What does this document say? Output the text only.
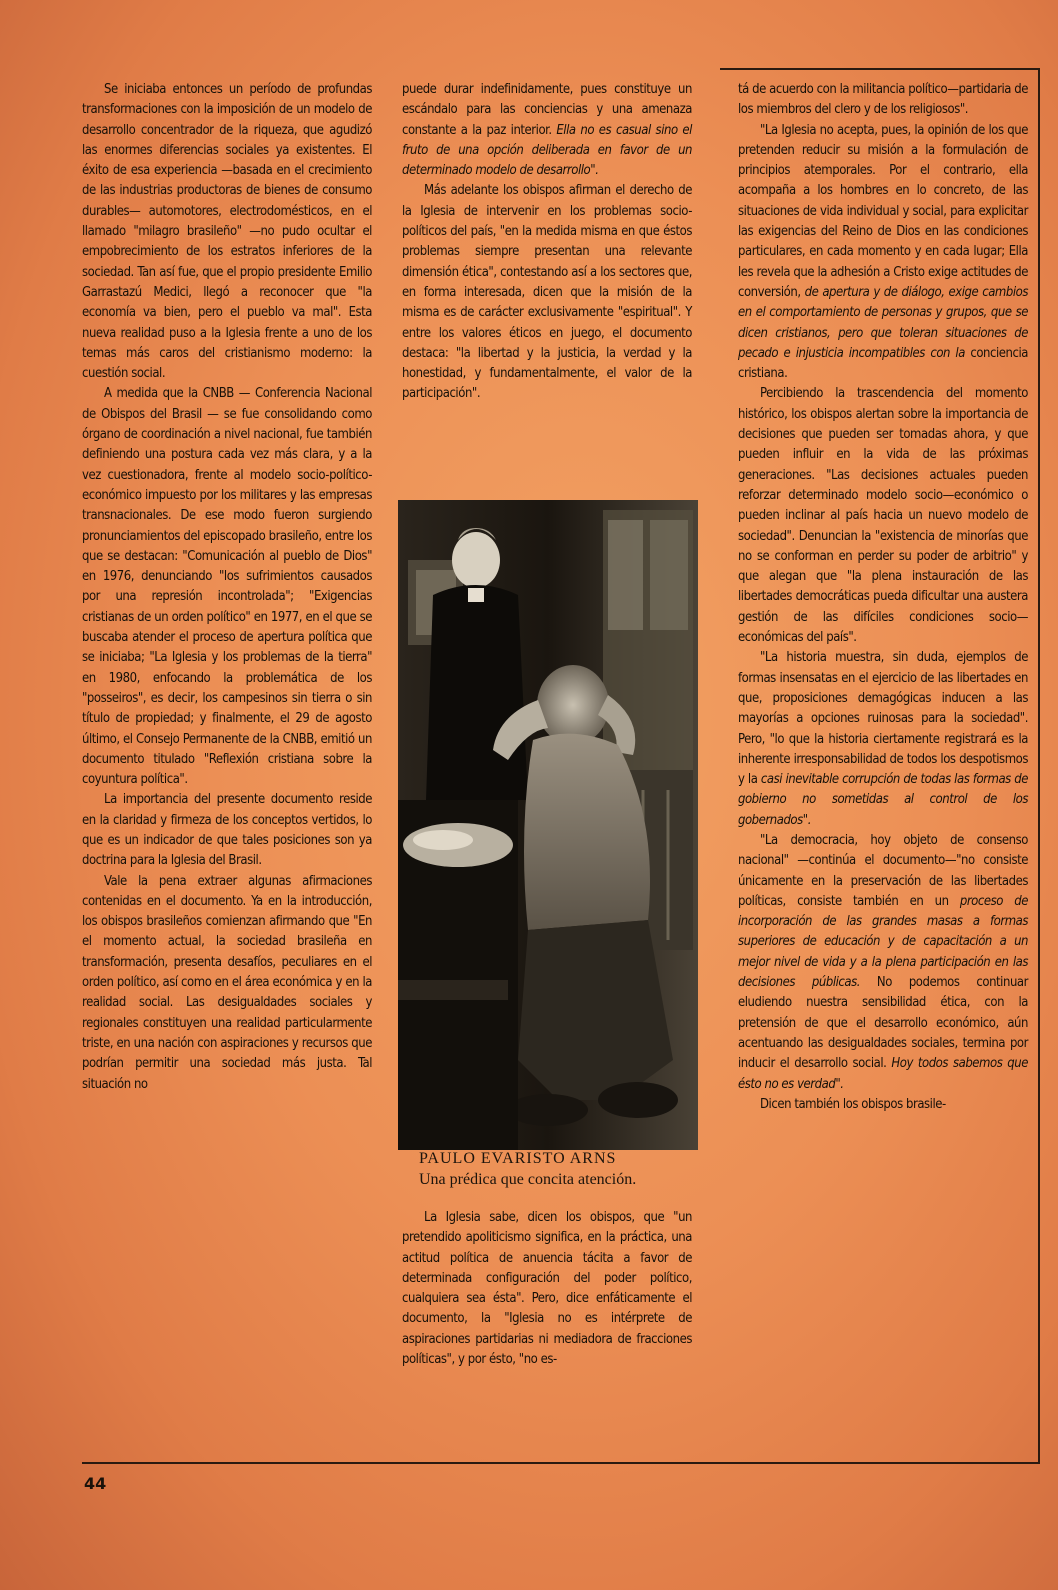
Se iniciaba entonces un período de profundas transformaciones con la imposición de un modelo de desarrollo concentrador de la riqueza, que agudizó las enormes diferencias sociales ya existentes. El éxito de esa experiencia —basada en el crecimiento de las industrias productoras de bienes de consumo durables— automotores, electrodomésticos, en el llamado "milagro brasileño" —no pudo ocultar el empobrecimiento de los estratos inferiores de la sociedad. Tan así fue, que el propio presidente Emilio Garrastazú Medici, llegó a reconocer que "la economía va bien, pero el pueblo va mal". Esta nueva realidad puso a la Iglesia frente a uno de los temas más caros del cristianismo moderno: la cuestión social.

A medida que la CNBB — Conferencia Nacional de Obispos del Brasil — se fue consolidando como órgano de coordinación a nivel nacional, fue también definiendo una postura cada vez más clara, y a la vez cuestionadora, frente al modelo socio-político-económico impuesto por los militares y las empresas transnacionales. De ese modo fueron surgiendo pronunciamientos del episcopado brasileño, entre los que se destacan: "Comunicación al pueblo de Dios" en 1976, denunciando "los sufrimientos causados por una represión incontrolada"; "Exigencias cristianas de un orden político" en 1977, en el que se buscaba atender el proceso de apertura política que se iniciaba; "La Iglesia y los problemas de la tierra" en 1980, enfocando la problemática de los "posseiros", es decir, los campesinos sin tierra o sin título de propiedad; y finalmente, el 29 de agosto último, el Consejo Permanente de la CNBB, emitió un documento titulado "Reflexión cristiana sobre la coyuntura política".

La importancia del presente documento reside en la claridad y firmeza de los conceptos vertidos, lo que es un indicador de que tales posiciones son ya doctrina para la Iglesia del Brasil.

Vale la pena extraer algunas afirmaciones contenidas en el documento. Ya en la introducción, los obispos brasileños comienzan afirmando que "En el momento actual, la sociedad brasileña en transformación, presenta desafíos, peculiares en el orden político, así como en el área económica y en la realidad social. Las desigualdades sociales y regionales constituyen una realidad particularmente triste, en una nación con aspiraciones y recursos que podrían permitir una sociedad más justa. Tal situación no

puede durar indefinidamente, pues constituye un escándalo para las conciencias y una amenaza constante a la paz interior. Ella no es casual sino el fruto de una opción deliberada en favor de un determinado modelo de desarrollo".

Más adelante los obispos afirman el derecho de la Iglesia de intervenir en los problemas socio-políticos del país, "en la medida misma en que éstos problemas siempre presentan una relevante dimensión ética", contestando así a los sectores que, en forma interesada, dicen que la misión de la misma es de carácter exclusivamente "espiritual". Y entre los valores éticos en juego, el documento destaca: "la libertad y la justicia, la verdad y la honestidad, y fundamentalmente, el valor de la participación".

PAULO EVARISTO ARNS
Una prédica que concita atención.

La Iglesia sabe, dicen los obispos, que "un pretendido apoliticismo significa, en la práctica, una actitud política de anuencia tácita a favor de determinada configuración del poder político, cualquiera sea ésta". Pero, dice enfáticamente el documento, la "Iglesia no es intérprete de aspiraciones partidarias ni mediadora de fracciones políticas", y por ésto, "no es-

tá de acuerdo con la militancia político—partidaria de los miembros del clero y de los religiosos".

"La Iglesia no acepta, pues, la opinión de los que pretenden reducir su misión a la formulación de principios atemporales. Por el contrario, ella acompaña a los hombres en lo concreto, de las situaciones de vida individual y social, para explicitar las exigencias del Reino de Dios en las condiciones particulares, en cada momento y en cada lugar; Ella les revela que la adhesión a Cristo exige actitudes de conversión, de apertura y de diálogo, exige cambios en el comportamiento de personas y grupos, que se dicen cristianos, pero que toleran situaciones de pecado e injusticia incompatibles con la conciencia cristiana.

Percibiendo la trascendencia del momento histórico, los obispos alertan sobre la importancia de decisiones que pueden ser tomadas ahora, y que pueden influir en la vida de las próximas generaciones. "Las decisiones actuales pueden reforzar determinado modelo socio—económico o pueden inclinar al país hacia un nuevo modelo de sociedad". Denuncian la "existencia de minorías que no se conforman en perder su poder de arbitrio" y que alegan que "la plena instauración de las libertades democráticas pueda dificultar una austera gestión de las difíciles condiciones socio—económicas del país".

"La historia muestra, sin duda, ejemplos de formas insensatas en el ejercicio de las libertades en que, proposiciones demagógicas inducen a las mayorías a opciones ruinosas para la sociedad". Pero, "lo que la historia ciertamente registrará es la inherente irresponsabilidad de todos los despotismos y la casi inevitable corrupción de todas las formas de gobierno no sometidas al control de los gobernados".

"La democracia, hoy objeto de consenso nacional" —continúa el documento—"no consiste únicamente en la preservación de las libertades políticas, consiste también en un proceso de incorporación de las grandes masas a formas superiores de educación y de capacitación a un mejor nivel de vida y a la plena participación en las decisiones públicas. No podemos continuar eludiendo nuestra sensibilidad ética, con la pretensión de que el desarrollo económico, aún acentuando las desigualdades sociales, termina por inducir el desarrollo social. Hoy todos sabemos que ésto no es verdad".

Dicen también los obispos brasile-

44
